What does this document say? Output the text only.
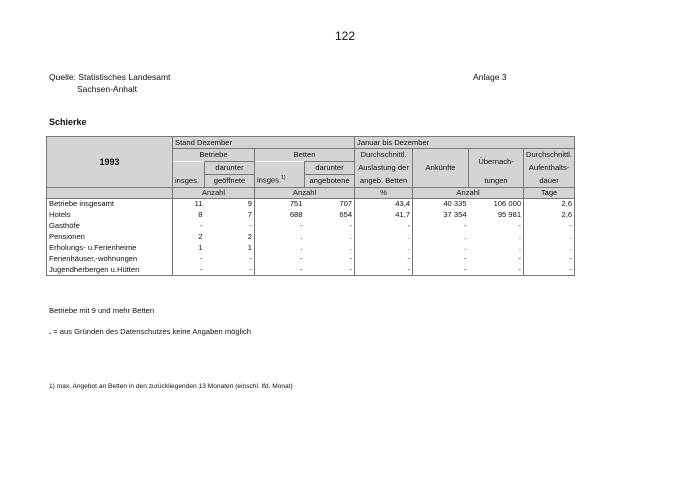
122
Quelle: Statistisches Landesamt
Sachsen-Anhalt
Anlage 3
Schierke
1993	Stand Dezember				Januar bis Dezember			
	Betriebe		Betten		Durchschnittl.	Ankünfte	Übernach-	Durchschnittl.
	insges.	darunter	insges.$^{1)}$	darunter	Auslastung der			Aufenthalts-
		geöffnete		angebotene	angeb. Betten		tungen	dauer
	Anzahl		Anzahl		%	Anzahl		Tage
Betriebe insgesamt	11	9	751	707	43,4	40 335	106 000	2,6
Hotels	8	7	688	654	41,7	37 354	95 981	2,6
Gasthöfe	-	-	-	-	-	-	-	-
Pensionen	2	2	.	.	.	.	.	.
Erholungs- u.Ferienheime	1	1	.	.	.	.	.	.
Ferienhäuser,-wohnungen	-	-	-	-	-	-	-	-
Jugendherbergen u.Hütten	-	-	-	-	-	-	-	-
Betriebe mit 9 und mehr Betten
. = aus Gründen des Datenschutzes keine Angaben möglich
1) max. Angebot an Betten in den zurückliegenden 13 Monaten (einschl. lfd. Monat)
